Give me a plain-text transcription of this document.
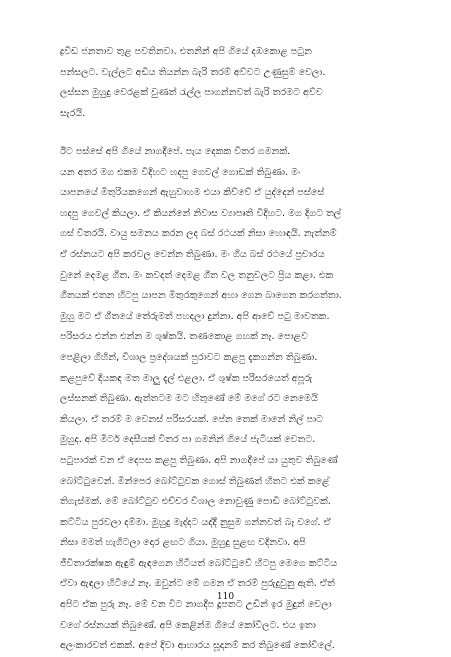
ද්‍රවිඩ ජනතාව තුළ පවතිනවා. එතනින් අපි ගියේ දඹකොළ පටුන
පන්සලට. වැල්ලට අඩිය තියන්න බැරි තරම් අව්වට උණුසුම් වෙලා.
ලස්සන මුහුදු වෙරළක් වුණත් රැල්ල පාගන්නවත් බැරි තරමට අව්ව
සැරයි.
ඊට පස්සේ අපි ගියේ නාගදීපේ. පැය දෙකක විතර ගමනක්.
යන අතර මග එකම විදිහට හදපු ගෙවල් ගොඩක් තිබුණා. මං
යාපනයේ මිතුරියකගෙන් ඇහුවාහම එයා කිව්වේ ඒ යුද්දෙන් පස්සේ
හදපු ගෙවල් කියලා. ඒ කියන්නේ නිවාස ව්‍යාපෘති විදිහට. මග දිගට තල්
ගස් විතරයි. වායු සමනය කරන ලද බස් රථයක් නිසා හොඳයි. නැත්නම්
ඒ රස්නයට අපි කරවල වෙන්න තිබුණා. මං ගිය බස් රථයේ ප්‍රචාරය
වුනේ දෙමළ ගීත. මං කවදත් දෙමළ ගීත වල තනුවලට ප්‍රිය කළා. එක
ගීතයක් එතන හිටපු යාපන මිතුරකුගෙන් අහා ගෙන බාගෙන කරගත්තා.
මුහු මට ඒ ගීතයේ තේරුමත් පහදලා දුන්නා. අපි ආවේ පටු මාවතක.
පරිසරය එන්න එන්න ම ශුෂ්කයි. තණකොළ ගහක් නෑ. පොළව
පෙළිලා ගිහින්, විශාල ප්‍රදේශයක් පුරාවට කළපු දැකගන්න තිබුණා.
කළපුවේ දියකඳ මත මාලු දැල් එළලා. ඒ ශුෂ්ක පරිසරයෙත් අපූරු
ලස්සනක් තිබුණා. ඇත්තටම මට හිතුණේ මේ මගේ රට නෙමෙයි
කියලා. ඒ තරම් ම වෙනස් පරිසරයක්. පේන තෙක් මානේ නිල් පාට
මුහුද. අපි මීටර් දෙසීයක් විතර පා ගමනින් ගියේ ජැටියක් වෙතට.
පටුපාරක් වන ඒ දෙපස කළපු තිබුණා. අපි නාගදීපේ යා යුතුව තිබුණේ
බෝට්ටුවෙන්. මින්පෙර බෝට්ටුවක ගොස් තිබුණත් හිතට එක් කළේ
තිගැස්මක්. මේ බෝට්ටුව එච්චර විශාල නොවුණු පොඩි බෝට්ටුවක්.
කට්ටිය පුරවලා දම්මා. මුහුදු මැද්දට යද්දී නුසුම ගන්නවත් බෑ වගේ. ඒ
නිසා මමත් හැගිටලා දොර ළඟට ගියා. මුහුදු සුළඟ වදිනවා. අපි
ජීවිතාරක්ෂක ඇඳුම් ඇඳගෙන හිටියත් බෝට්ටුවේ හිටපු මෙගෙ කට්ටිය
ඒවා ඇඳලා හිටියේ නෑ. ඔවුන්ට මේ ගමන ඒ තරම් පුරුදුවුනු ඇති. ඒත්
අපිට ඒක පුරු නෑ. මේ වන විට නාගදීප දූපතට උඩින් ඉර මුදුන් වෙලා
වගේ රස්නයක් තිබුණේ. අපි කෙළින්ම ගියේ කෝවිලට. එය ඉතා
අලංකාරවත් එකක්. අපේ දිවා ආහාරය සූදානම් කර තිබුණේ කෝවිලේ.
110
